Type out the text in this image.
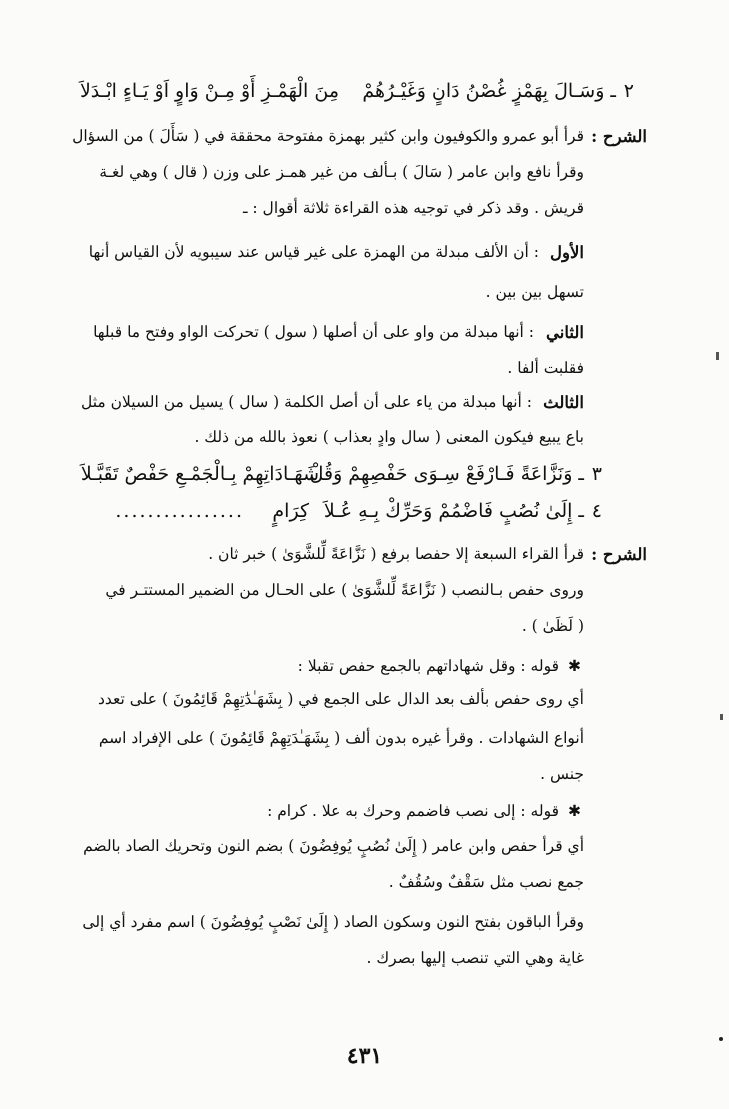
٢
ـ وَسَـالَ بِهَمْزٍ غُصْنُ دَانٍ وَغَيْـرُهُمْ
مِنَ الْهَمْـزِ أَوْ مِـنْ وَاوٍ اَوْ يَـاءٍ ابْـدَلاَ
الشرح :
قرأ أبو عمرو والكوفيون وابن كثير بهمزة مفتوحة محققة في ( سَأَلَ ) من السؤال
وقرأ نافع وابن عامر ( سَالَ ) بـألف من غير همـز على وزن ( قال ) وهي لغـة
قريش . وقد ذكر في توجيه هذه القراءة ثلاثة أقوال : ـ
الأول
: أن الألف مبدلة من الهمزة على غير قياس عند سيبويه لأن القياس أنها
تسهل بين بين .
الثاني
: أنها مبدلة من واو على أن أصلها ( سول ) تحركت الواو وفتح ما قبلها
فقلبت ألفا .
الثالث
: أنها مبدلة من ياء على أن أصل الكلمة ( سال ) يسيل من السيلان مثل
باع يبيع فيكون المعنى ( سال وادٍ بعذاب ) نعوذ بالله من ذلك .
٣
ـ وَنَزَّاعَةً فَـارْفَعْ سِـوَى حَفْصِهِمْ وَقُلْ
شَهَـادَاتِهِمْ بِـالْجَمْـعِ حَفْصٌ تَقَبَّـلاَ
٤
ـ إِلَىٰ نُصُبٍ فَاضْمُمْ وَحَرِّكْ بِـهِ عُـلاَ
كِرَامٍ
................
الشرح :
قرأ القراء السبعة إلا حفصا برفع ( نَزَّاعَةً لِّلشَّوَىٰ ) خبر ثان .
وروى حفص بـالنصب ( نَزَّاعَةً لِّلشَّوَىٰ ) على الحـال من الضمير المستتـر في
( لَظَىٰ ) .
✱
قوله : وقل شهاداتهم بالجمع حفص تقبلا :
أي روى حفص بألف بعد الدال على الجمع في ( بِشَهَـٰدَٰتِهِمْ قَائِمُونَ ) على تعدد
أنواع الشهادات . وقرأ غيره بدون ألف ( بِشَهَـٰدَتِهِمْ قَائِمُونَ ) على الإفراد اسم
جنس .
✱
قوله : إلى نصب فاضمم وحرك به علا . كرام :
أي قرأ حفص وابن عامر ( إِلَىٰ نُصُبٍ يُوفِضُونَ ) بضم النون وتحريك الصاد بالضم
جمع نصب مثل سَقْفٌ وسُقُفٌ .
وقرأ الباقون بفتح النون وسكون الصاد ( إِلَىٰ نَصْبٍ يُوفِضُونَ ) اسم مفرد أي إلى
غاية وهي التي تنصب إليها بصرك .
٤٣١
